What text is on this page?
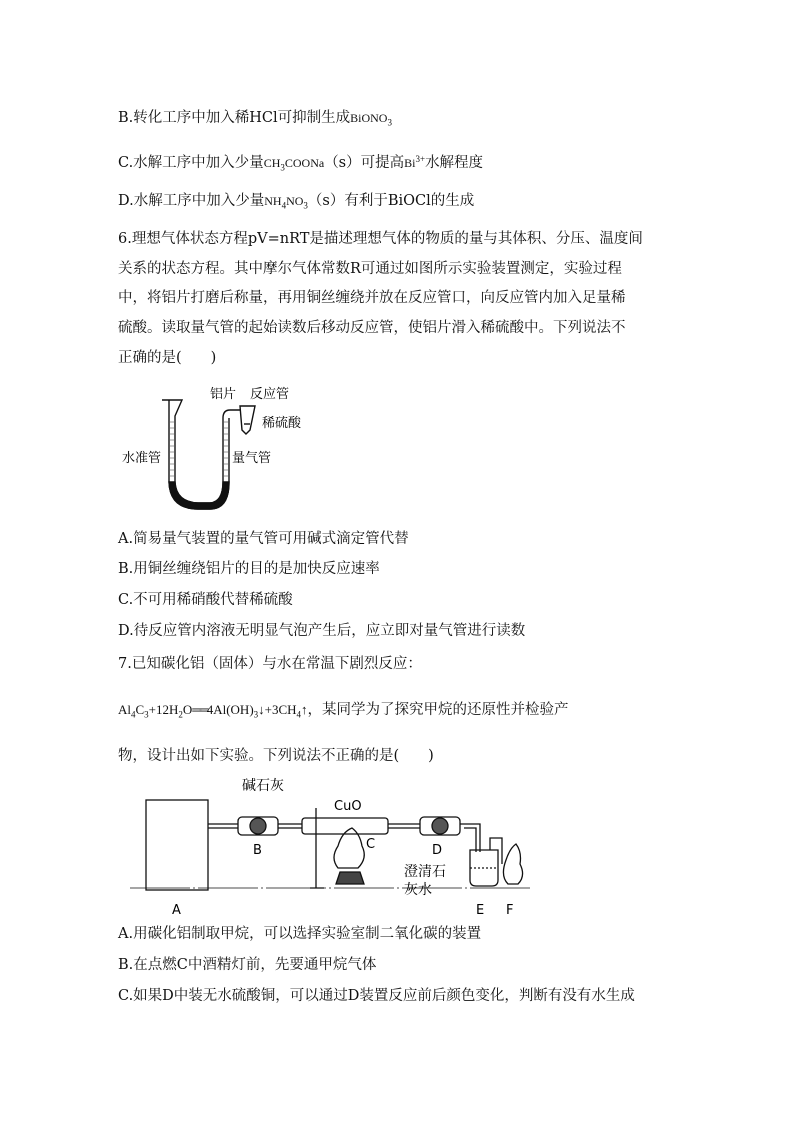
B.转化工序中加入稀HCl可抑制生成BiONO$_3$
C.水解工序中加入少量$CH_3COONa(s)$可提高$Bi^{3+}$水解程度
D.水解工序中加入少量$NH_4NO_3(s)$有利于BiOCl的生成
6.理想气体状态方程pV=nRT是描述理想气体的物质的量与其体积、分压、温度间
关系的状态方程。其中摩尔气体常数R可通过如图所示实验装置测定，实验过程
中，将铝片打磨后称量，再用铜丝缠绕并放在反应管口，向反应管内加入足量稀
硫酸。读取量气管的起始读数后移动反应管，使铝片滑入稀硫酸中。下列说法不
正确的是(　　)
铝片 反应管
稀硫酸
水准管	量气管
A.简易量气装置的量气管可用碱式滴定管代替
B.用铜丝缠绕铝片的目的是加快反应速率
C.不可用稀硝酸代替稀硫酸
D.待反应管内溶液无明显气泡产生后，应立即对量气管进行读数
7.已知碳化铝（固体）与水在常温下剧烈反应：
$Al_4C_3+12H_2O══4Al(OH)_3↓+3CH_4↑$，某同学为了探究甲烷的还原性并检验产
物，设计出如下实验。下列说法不正确的是(　　)
碱石灰
CuO
C
B	D
澄清石
灰水
A	E F
A.用碳化铝制取甲烷，可以选择实验室制二氧化碳的装置
B.在点燃C中酒精灯前，先要通甲烷气体
C.如果D中装无水硫酸铜，可以通过D装置反应前后颜色变化，判断有没有水生成
